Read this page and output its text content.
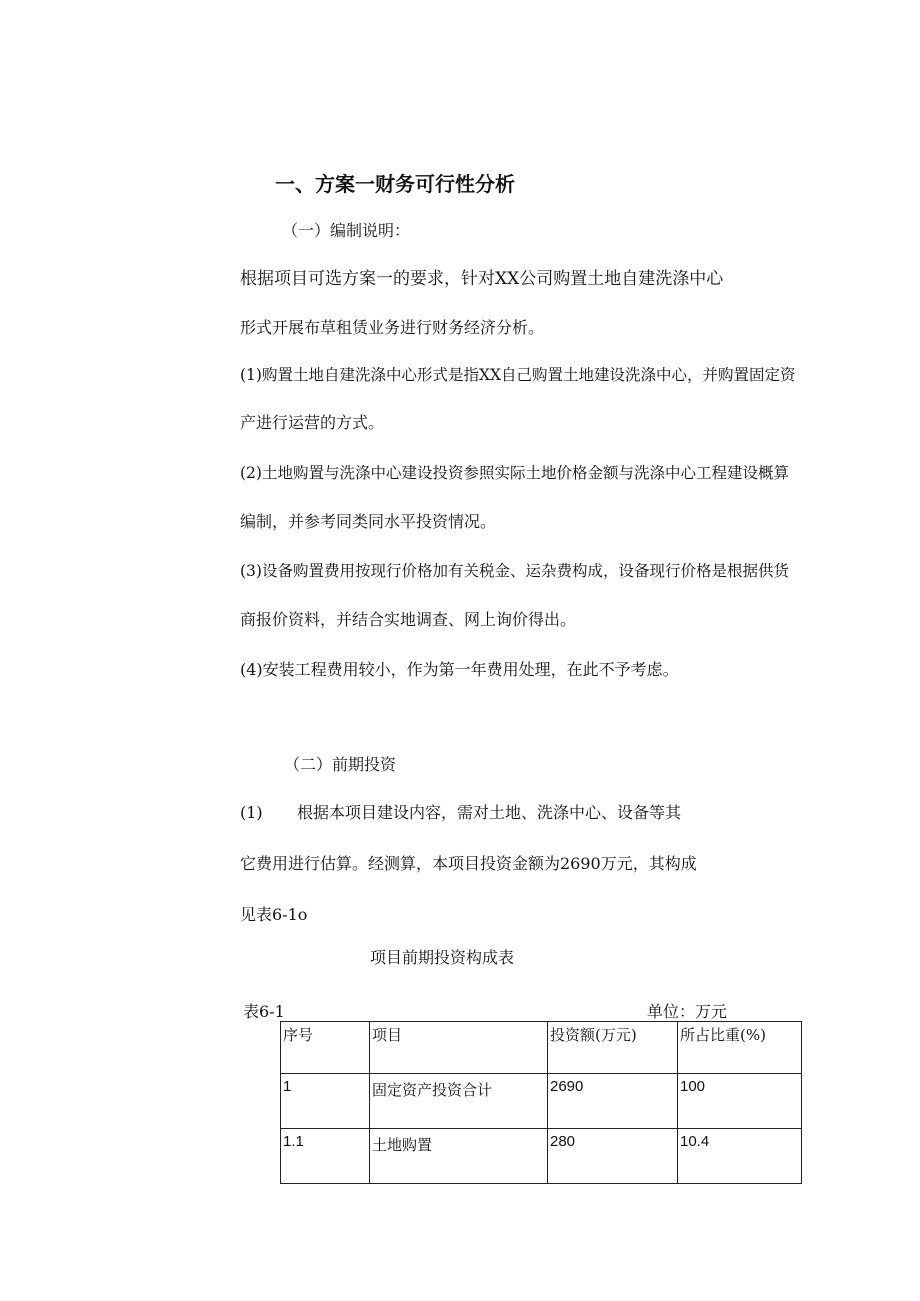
一、方案一财务可行性分析
（一）编制说明：
根据项目可选方案一的要求，针对XX公司购置土地自建洗涤中心
形式开展布草租赁业务进行财务经济分析。
(1)购置土地自建洗涤中心形式是指XX自己购置土地建设洗涤中心，并购置固定资
产进行运营的方式。
(2)土地购置与洗涤中心建设投资参照实际土地价格金额与洗涤中心工程建设概算
编制，并参考同类同水平投资情况。
(3)设备购置费用按现行价格加有关税金、运杂费构成，设备现行价格是根据供货
商报价资料，并结合实地调查、网上询价得出。
(4)安装工程费用较小，作为第一年费用处理，在此不予考虑。
（二）前期投资
(1) 根据本项目建设内容，需对土地、洗涤中心、设备等其
它费用进行估算。经测算，本项目投资金额为2690万元，其构成
见表6-1o
项目前期投资构成表
表6-1	单位：万元
序号	项目	投资额(万元)	所占比重(%)
1	固定资产投资合计	2690	100
1.1	土地购置	280	10.4
